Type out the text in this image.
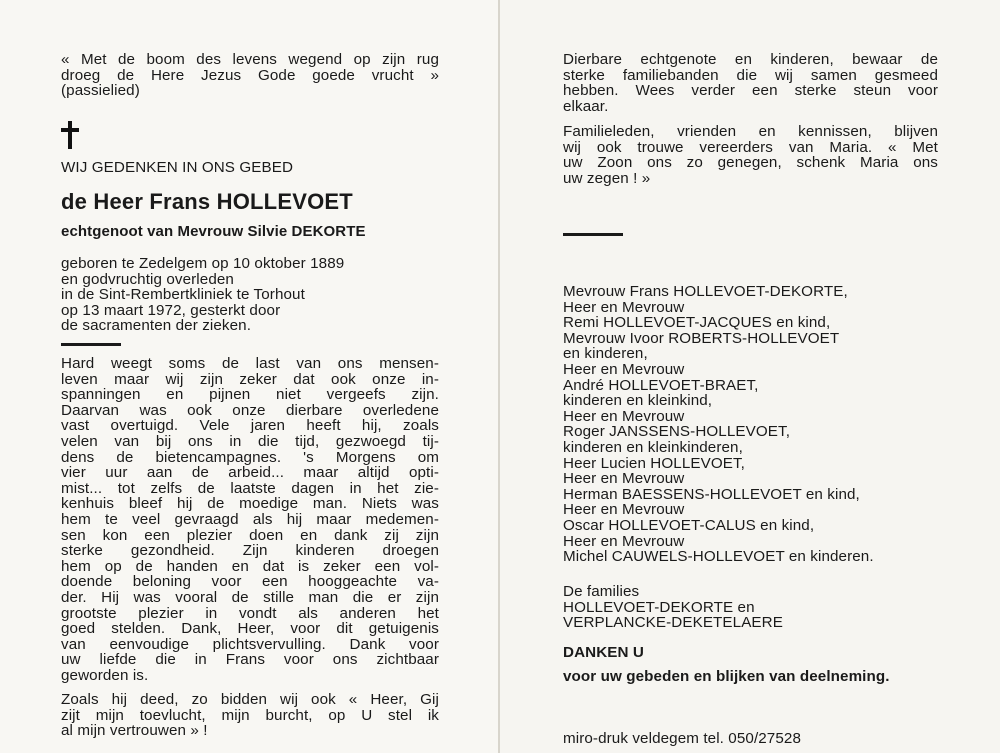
« Met de boom des levens wegend op zijn rug
droeg de Here Jezus Gode goede vrucht »
(passielied)
WIJ GEDENKEN IN ONS GEBED
de Heer Frans HOLLEVOET
echtgenoot van Mevrouw Silvie DEKORTE
geboren te Zedelgem op 10 oktober 1889
en godvruchtig overleden
in de Sint-Rembertkliniek te Torhout
op 13 maart 1972, gesterkt door
de sacramenten der zieken.
Hard weegt soms de last van ons mensen-
leven maar wij zijn zeker dat ook onze in-
spanningen en pijnen niet vergeefs zijn.
Daarvan was ook onze dierbare overledene
vast overtuigd. Vele jaren heeft hij, zoals
velen van bij ons in die tijd, gezwoegd tij-
dens de bietencampagnes. 's Morgens om
vier uur aan de arbeid... maar altijd opti-
mist... tot zelfs de laatste dagen in het zie-
kenhuis bleef hij de moedige man. Niets was
hem te veel gevraagd als hij maar medemen-
sen kon een plezier doen en dank zij zijn
sterke gezondheid. Zijn kinderen droegen
hem op de handen en dat is zeker een vol-
doende beloning voor een hooggeachte va-
der. Hij was vooral de stille man die er zijn
grootste plezier in vondt als anderen het
goed stelden. Dank, Heer, voor dit getuigenis
van eenvoudige plichtsvervulling. Dank voor
uw liefde die in Frans voor ons zichtbaar
geworden is.
Zoals hij deed, zo bidden wij ook « Heer, Gij
zijt mijn toevlucht, mijn burcht, op U stel ik
al mijn vertrouwen » !
Dierbare echtgenote en kinderen, bewaar de
sterke familiebanden die wij samen gesmeed
hebben. Wees verder een sterke steun voor
elkaar.
Familieleden, vrienden en kennissen, blijven
wij ook trouwe vereerders van Maria. « Met
uw Zoon ons zo genegen, schenk Maria ons
uw zegen ! »
Mevrouw Frans HOLLEVOET-DEKORTE,
Heer en Mevrouw
Remi HOLLEVOET-JACQUES en kind,
Mevrouw Ivoor ROBERTS-HOLLEVOET
en kinderen,
Heer en Mevrouw
André HOLLEVOET-BRAET,
kinderen en kleinkind,
Heer en Mevrouw
Roger JANSSENS-HOLLEVOET,
kinderen en kleinkinderen,
Heer Lucien HOLLEVOET,
Heer en Mevrouw
Herman BAESSENS-HOLLEVOET en kind,
Heer en Mevrouw
Oscar HOLLEVOET-CALUS en kind,
Heer en Mevrouw
Michel CAUWELS-HOLLEVOET en kinderen.
De families
HOLLEVOET-DEKORTE en
VERPLANCKE-DEKETELAERE
DANKEN U
voor uw gebeden en blijken van deelneming.
miro-druk veldegem tel. 050/27528
